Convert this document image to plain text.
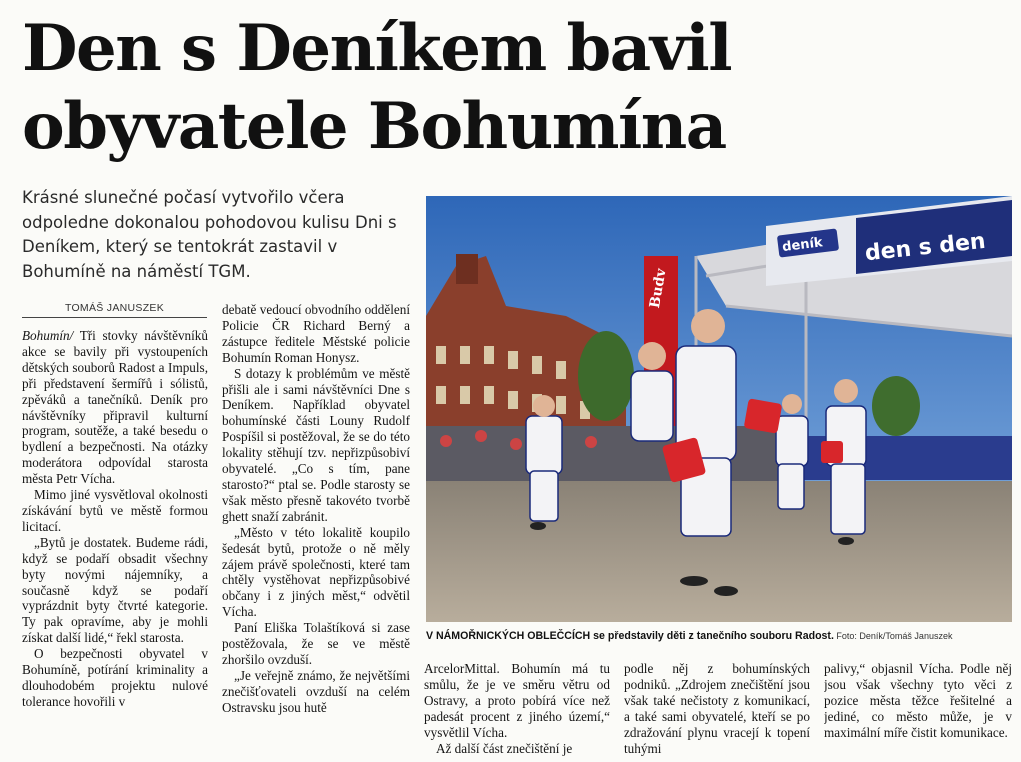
Den s Deníkem bavil
obyvatele Bohumína

Krásné slunečné počasí vytvořilo včera odpoledne dokonalou pohodovou kulisu Dni s Deníkem, který se tentokrát zastavil v Bohumíně na náměstí TGM.

TOMÁŠ JANUSZEK

Bohumín/ Tři stovky návštěvníků akce se bavily při vystoupeních dětských souborů Radost a Impuls, při představení šermířů i sólistů, zpěváků a tanečníků. Deník pro návštěvníky připravil kulturní program, soutěže, a také besedu o bydlení a bezpečnosti. Na otázky moderátora odpovídal starosta města Petr Vícha.

Mimo jiné vysvětloval okolnosti získávání bytů ve městě formou licitací.

„Bytů je dostatek. Budeme rádi, když se podaří obsadit všechny byty novými nájemníky, a současně když se podaří vyprázdnit byty čtvrté kategorie. Ty pak opravíme, aby je mohli získat další lidé,“ řekl starosta.

O bezpečnosti obyvatel v Bohumíně, potírání kriminality a dlouhodobém projektu nulové tolerance hovořili v

debatě vedoucí obvodního oddělení Policie ČR Richard Berný a zástupce ředitele Městské policie Bohumín Roman Honysz.

S dotazy k problémům ve městě přišli ale i sami návštěvníci Dne s Deníkem. Například obyvatel bohumínské části Louny Rudolf Pospíšil si postěžoval, že se do této lokality stěhují tzv. nepřizpůsobiví obyvatelé. „Co s tím, pane starosto?“ ptal se. Podle starosty se však město přesně takovéto tvorbě ghett snaží zabránit.

„Město v této lokalitě koupilo šedesát bytů, protože o ně měly zájem právě společnosti, které tam chtěly vystěhovat nepřizpůsobivé občany i z jiných měst,“ odvětil Vícha.

Paní Eliška Tolaštíková si zase postěžovala, že se ve městě zhoršilo ovzduší.

„Je veřejně známo, že největšími znečišťovateli ovzduší na celém Ostravsku jsou hutě

deník den s den
Budv
V NÁMOŘNICKÝCH OBLEČCÍCH se představily děti z tanečního souboru Radost. Foto: Deník/Tomáš Januszek

ArcelorMittal. Bohumín má tu smůlu, že je ve směru větru od Ostravy, a proto pobírá více než padesát procent z jiného území,“ vysvětlil Vícha.

Až další část znečištění je

podle něj z bohumínských podniků. „Zdrojem znečištění jsou však také nečistoty z komunikací, a také sami obyvatelé, kteří se po zdražování plynu vracejí k topení tuhými

palivy,“ objasnil Vícha. Podle něj jsou však všechny tyto věci z pozice města těžce řešitelné a jediné, co město může, je v maximální míře čistit komunikace.
